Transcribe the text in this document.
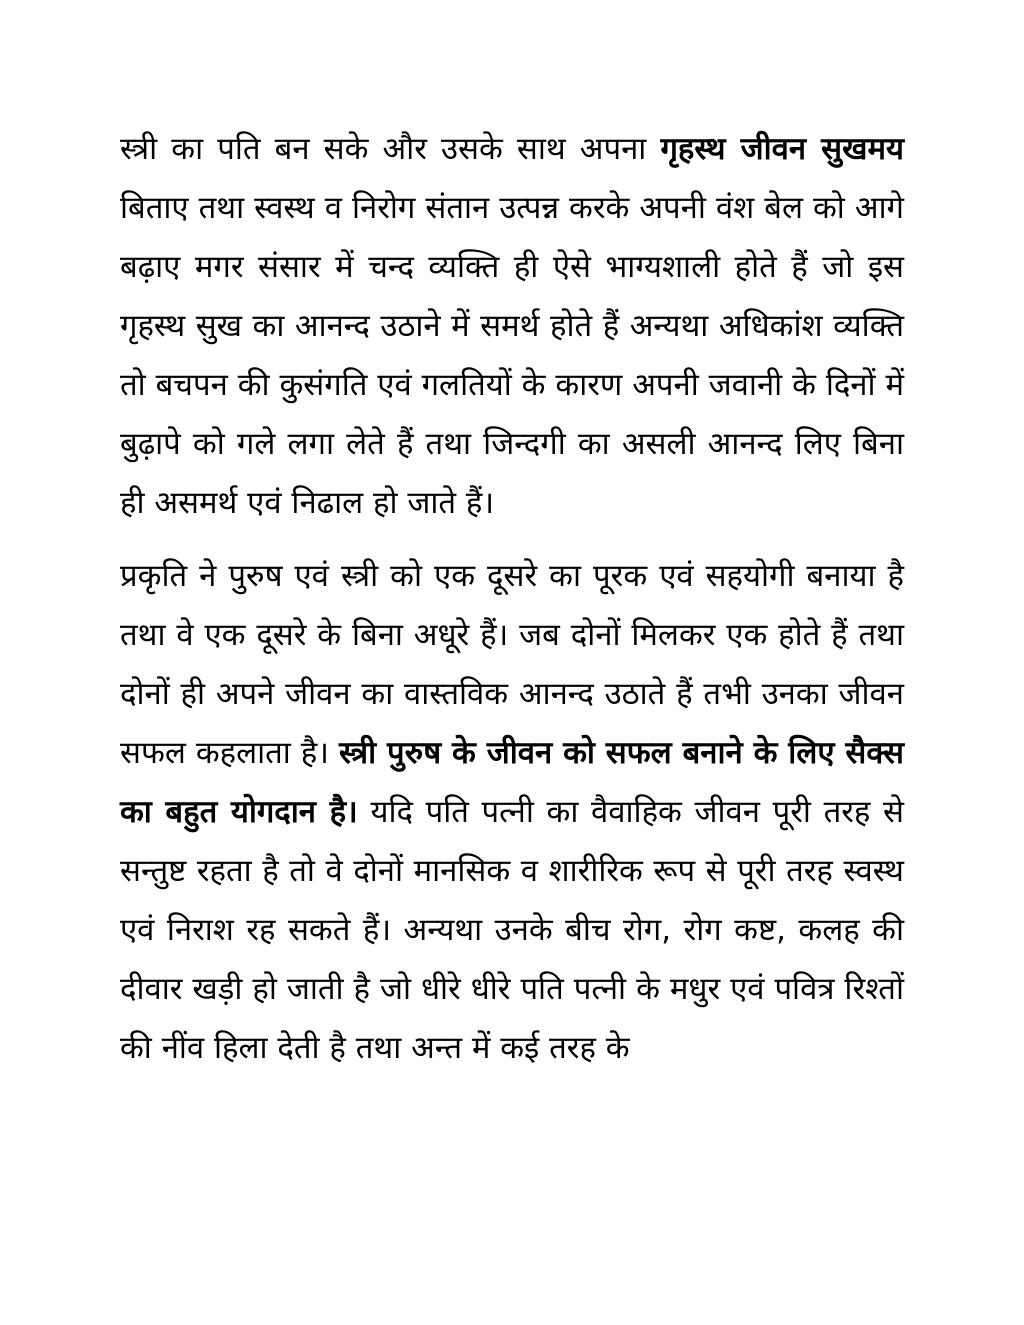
स्त्री का पति बन सके और उसके साथ अपना गृहस्थ जीवन सुखमय बिताए तथा स्वस्थ व निरोग संतान उत्पन्न करके अपनी वंश बेल को आगे बढ़ाए मगर संसार में चन्द व्यक्ति ही ऐसे भाग्यशाली होते हैं जो इस गृहस्थ सुख का आनन्द उठाने में समर्थ होते हैं अन्यथा अधिकांश व्यक्ति तो बचपन की कुसंगति एवं गलतियों के कारण अपनी जवानी के दिनों में बुढ़ापे को गले लगा लेते हैं तथा जिन्दगी का असली आनन्द लिए बिना ही असमर्थ एवं निढाल हो जाते हैं।

प्रकृति ने पुरुष एवं स्त्री को एक दूसरे का पूरक एवं सहयोगी बनाया है तथा वे एक दूसरे के बिना अधूरे हैं। जब दोनों मिलकर एक होते हैं तथा दोनों ही अपने जीवन का वास्तविक आनन्द उठाते हैं तभी उनका जीवन सफल कहलाता है। स्त्री पुरुष के जीवन को सफल बनाने के लिए सैक्स का बहुत योगदान है। यदि पति पत्नी का वैवाहिक जीवन पूरी तरह से सन्तुष्ट रहता है तो वे दोनों मानसिक व शारीरिक रूप से पूरी तरह स्वस्थ एवं निराश रह सकते हैं। अन्यथा उनके बीच रोग, रोग कष्ट, कलह की दीवार खड़ी हो जाती है जो धीरे धीरे पति पत्नी के मधुर एवं पवित्र रिश्तों की नींव हिला देती है तथा अन्त में कई तरह के
